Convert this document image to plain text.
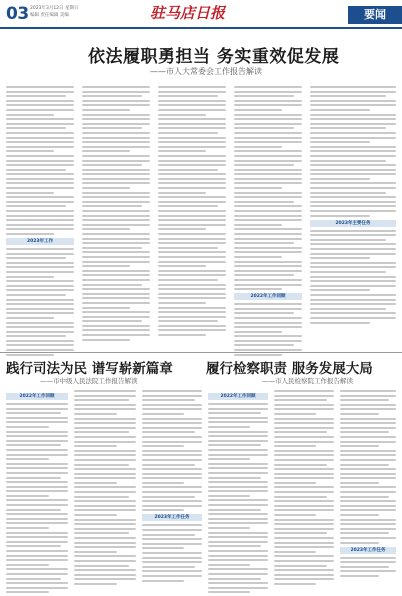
03 2023年3月12日 星期日
编辑 责任编辑 美编	驻马店日报	要闻
依法履职勇担当 务实重效促发展
——市人大常委会工作报告解读
2023年工作
2022年工作回顾
2023年主要任务
践行司法为民 谱写崭新篇章
——市中级人民法院工作报告解读
履行检察职责 服务发展大局
——市人民检察院工作报告解读
2022年工作回顾
2023年工作任务
2022年工作回顾
2023年工作任务
